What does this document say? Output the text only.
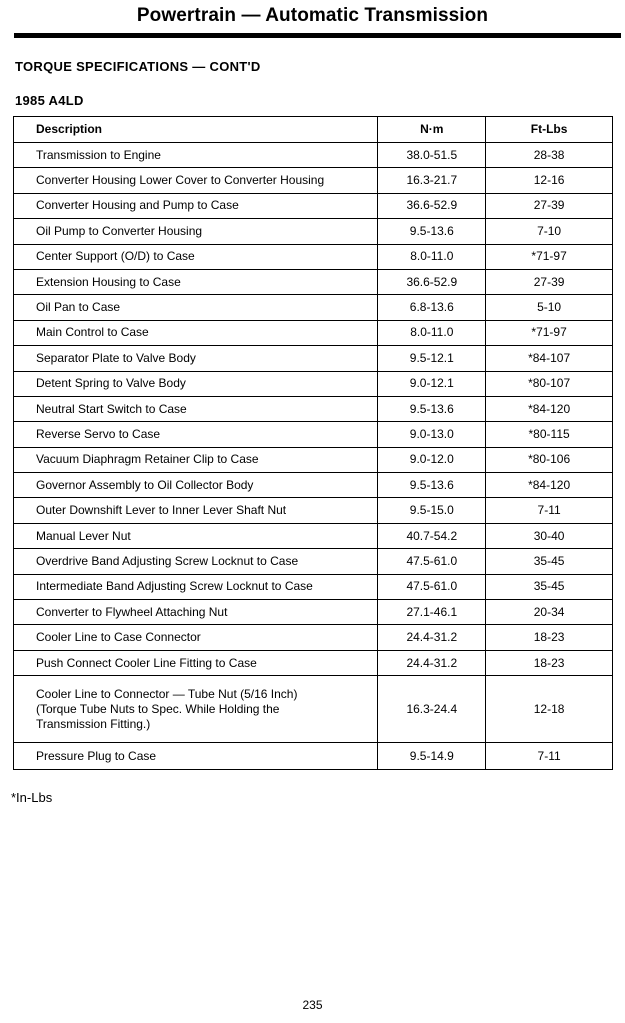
Powertrain — Automatic Transmission
TORQUE SPECIFICATIONS — CONT'D
1985 A4LD
Description	N·m	Ft-Lbs
Transmission to Engine	38.0-51.5	28-38
Converter Housing Lower Cover to Converter Housing	16.3-21.7	12-16
Converter Housing and Pump to Case	36.6-52.9	27-39
Oil Pump to Converter Housing	9.5-13.6	7-10
Center Support (O/D) to Case	8.0-11.0	*71-97
Extension Housing to Case	36.6-52.9	27-39
Oil Pan to Case	6.8-13.6	5-10
Main Control to Case	8.0-11.0	*71-97
Separator Plate to Valve Body	9.5-12.1	*84-107
Detent Spring to Valve Body	9.0-12.1	*80-107
Neutral Start Switch to Case	9.5-13.6	*84-120
Reverse Servo to Case	9.0-13.0	*80-115
Vacuum Diaphragm Retainer Clip to Case	9.0-12.0	*80-106
Governor Assembly to Oil Collector Body	9.5-13.6	*84-120
Outer Downshift Lever to Inner Lever Shaft Nut	9.5-15.0	7-11
Manual Lever Nut	40.7-54.2	30-40
Overdrive Band Adjusting Screw Locknut to Case	47.5-61.0	35-45
Intermediate Band Adjusting Screw Locknut to Case	47.5-61.0	35-45
Converter to Flywheel Attaching Nut	27.1-46.1	20-34
Cooler Line to Case Connector	24.4-31.2	18-23
Push Connect Cooler Line Fitting to Case	24.4-31.2	18-23

Cooler Line to Connector — Tube Nut (5/16 Inch)
(Torque Tube Nuts to Spec. While Holding the
Transmission Fitting.)	16.3-24.4	12-18
Pressure Plug to Case	9.5-14.9	7-11
*In-Lbs
235
